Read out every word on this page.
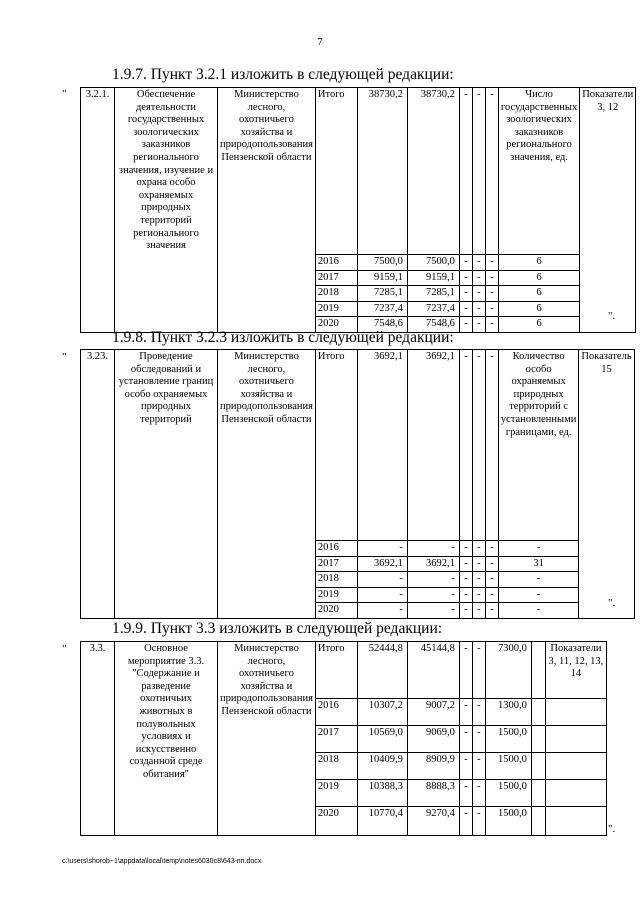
7
1.9.7. Пункт 3.2.1 изложить в следующей редакции:
" 3.2.1.	Обеспечение деятельности государственных зоологических заказников регионального значения, изучение и охрана особо охраняемых природных территорий регионального значения	Министерство лесного, охотничьего хозяйства и природопользования Пензенской области	Итого	38730,2	38730,2	-	-	-	Число государственных зоологических заказников регионального значения, ед.	Показатели 3, 12
			2016	7500,0	7500,0	-	-	-	6	
			2017	9159,1	9159,1	-	-	-	6	
			2018	7285,1	7285,1	-	-	-	6	
			2019	7237,4	7237,4	-	-	-	6	
			2020	7548,6	7548,6	-	-	-	6	
".
1.9.8. Пункт 3.2.3 изложить в следующей редакции:
" 3.23.	Проведение обследований и установление границ особо охраняемых природных территорий	Министерство лесного, охотничьего хозяйства и природопользования Пензенской области	Итого	3692,1	3692,1	-	-	-	Количество особо охраняемых природных территорий с установленными границами, ед.	Показатель 15
			2016	-	-	-	-	-	-	
			2017	3692,1	3692,1	-	-	-	31	
			2018	-	-	-	-	-	-	
			2019	-	-	-	-	-	-	
			2020	-	-	-	-	-	-	
".
1.9.9. Пункт 3.3 изложить в следующей редакции:
" 3.3.	Основное мероприятие 3.3. "Содержание и разведение охотничьих животных в полувольных условиях и искусственно созданной среде обитания"	Министерство лесного, охотничьего хозяйства и природопользования Пензенской области	Итого	52444,8	45144,8	-	-	7300,0		Показатели 3, 11, 12, 13, 14
			2016	10307,2	9007,2	-	-	1300,0		
			2017	10569,0	9069,0	-	-	1500,0		
			2018	10409,9	8909,9	-	-	1500,0		
			2019	10388,3	8888,3	-	-	1500,0		
			2020	10770,4	9270,4	-	-	1500,0		
".
c:\users\shorob~1\appdata\local\temp\notes6030c8\643-пп.docx
